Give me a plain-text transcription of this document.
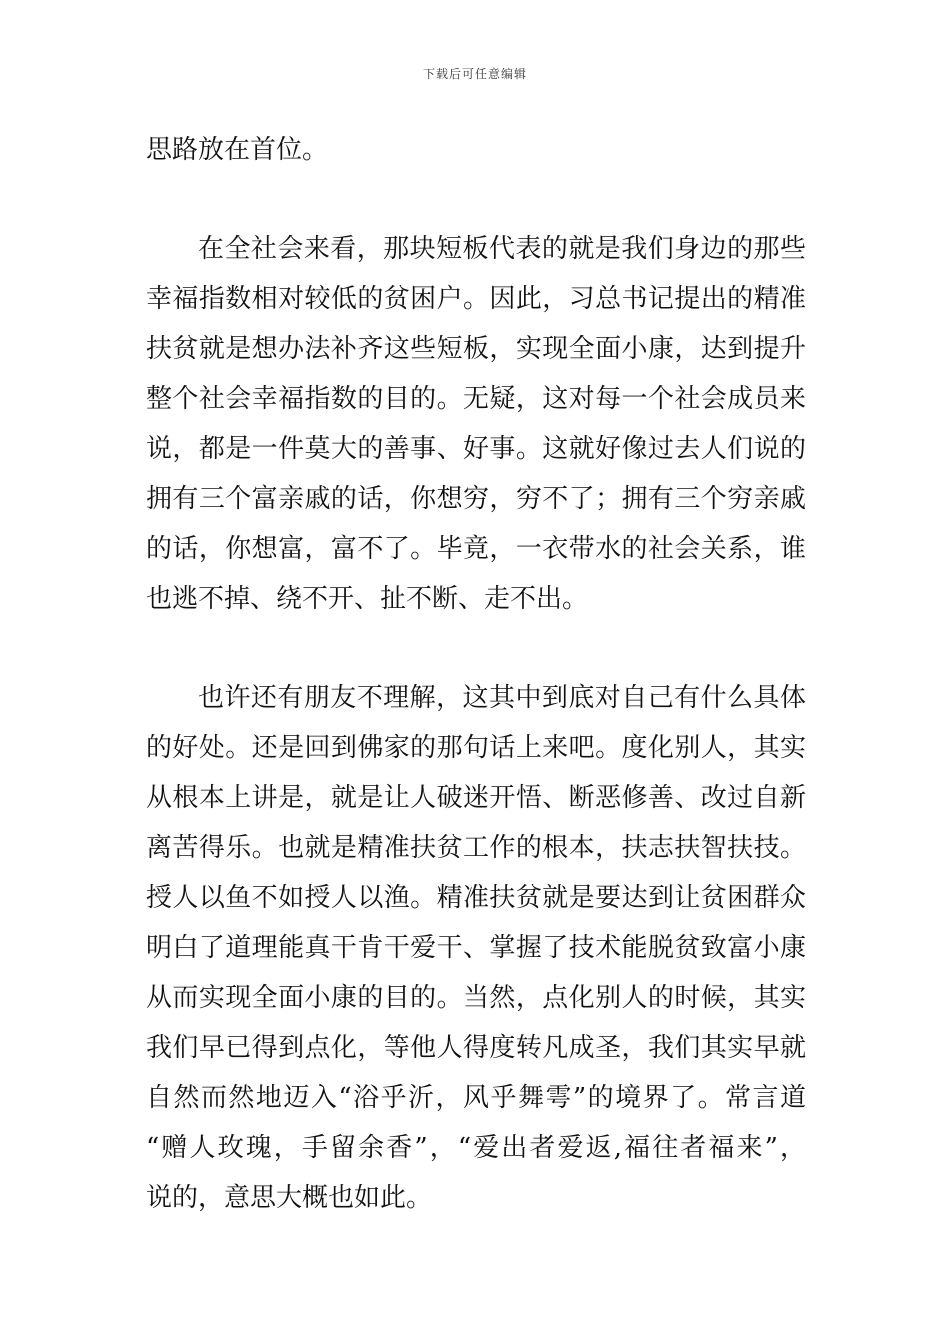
下载后可任意编辑
思路放在首位。
在全社会来看，那块短板代表的就是我们身边的那些
幸福指数相对较低的贫困户。因此，习总书记提出的精准
扶贫就是想办法补齐这些短板，实现全面小康，达到提升
整个社会幸福指数的目的。无疑，这对每一个社会成员来
说，都是一件莫大的善事、好事。这就好像过去人们说的
拥有三个富亲戚的话，你想穷，穷不了；拥有三个穷亲戚
的话，你想富，富不了。毕竟，一衣带水的社会关系，谁
也逃不掉、绕不开、扯不断、走不出。
也许还有朋友不理解，这其中到底对自己有什么具体
的好处。还是回到佛家的那句话上来吧。度化别人，其实
从根本上讲是，就是让人破迷开悟、断恶修善、改过自新
离苦得乐。也就是精准扶贫工作的根本，扶志扶智扶技。
授人以鱼不如授人以渔。精准扶贫就是要达到让贫困群众
明白了道理能真干肯干爱干、掌握了技术能脱贫致富小康
从而实现全面小康的目的。当然，点化别人的时候，其实
我们早已得到点化，等他人得度转凡成圣，我们其实早就
自然而然地迈入“浴乎沂，风乎舞雩”的境界了。常言道
“赠人玫瑰，手留余香”，“爱出者爱返,福往者福来”，
说的，意思大概也如此。
